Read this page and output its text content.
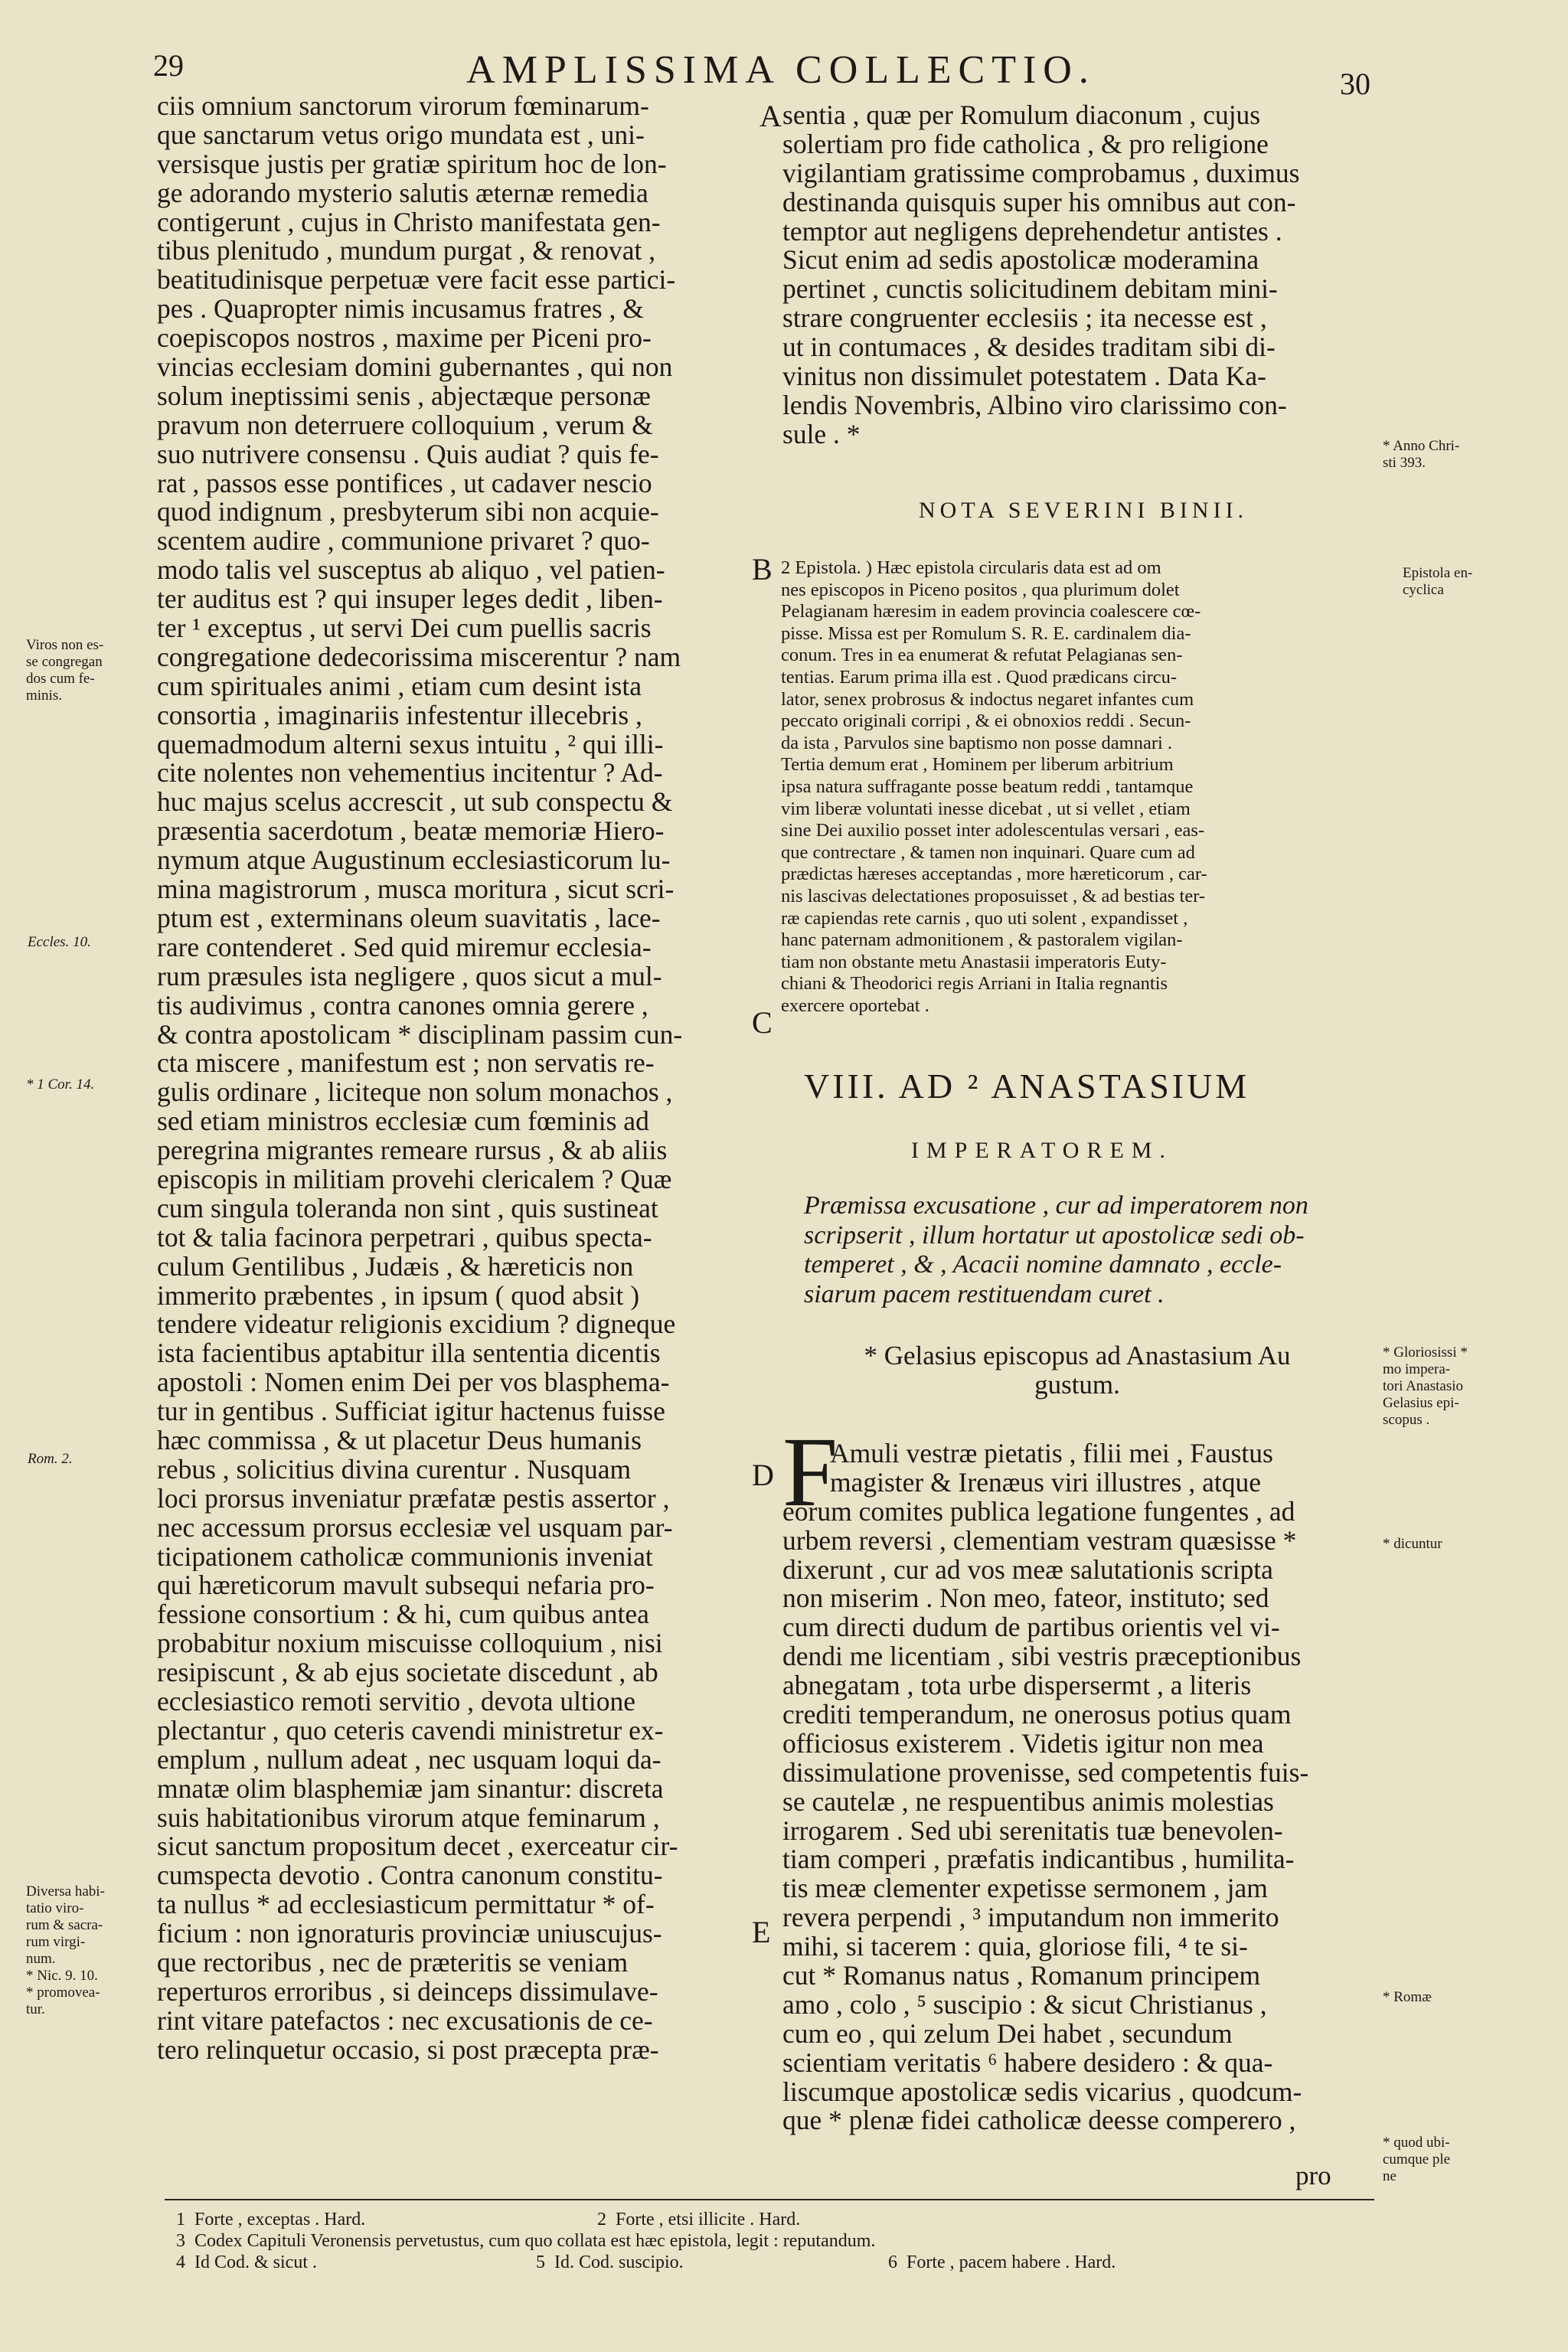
29	AMPLISSIMA COLLECTIO.	30
ciis omnium sanctorum virorum fœminarum-
que sanctarum vetus origo mundata est , uni-
versisque justis per gratiæ spiritum hoc de lon-
ge adorando mysterio salutis æternæ remedia
contigerunt , cujus in Christo manifestata gen-
tibus plenitudo , mundum purgat , & renovat ,
beatitudinisque perpetuæ vere facit esse partici-
pes . Quapropter nimis incusamus fratres , &
coepiscopos nostros , maxime per Piceni pro-
vincias ecclesiam domini gubernantes , qui non
solum ineptissimi senis , abjectæque personæ
pravum non deterruere colloquium , verum &
suo nutrivere consensu . Quis audiat ? quis fe-
rat , passos esse pontifices , ut cadaver nescio
quod indignum , presbyterum sibi non acquie-
scentem audire , communione privaret ? quo-
modo talis vel susceptus ab aliquo , vel patien-
ter auditus est ? qui insuper leges dedit , liben-
ter ¹ exceptus , ut servi Dei cum puellis sacris
congregatione dedecorissima miscerentur ? nam
cum spirituales animi , etiam cum desint ista
consortia , imaginariis infestentur illecebris ,
quemadmodum alterni sexus intuitu , ² qui illi-
cite nolentes non vehementius incitentur ? Ad-
huc majus scelus accrescit , ut sub conspectu &
præsentia sacerdotum , beatæ memoriæ Hiero-
nymum atque Augustinum ecclesiasticorum lu-
mina magistrorum , musca moritura , sicut scri-
ptum est , exterminans oleum suavitatis , lace-
rare contenderet . Sed quid miremur ecclesia-
rum præsules ista negligere , quos sicut a mul-
tis audivimus , contra canones omnia gerere ,
& contra apostolicam * disciplinam passim cun-
cta miscere , manifestum est ; non servatis re-
gulis ordinare , liciteque non solum monachos ,
sed etiam ministros ecclesiæ cum fœminis ad
peregrina migrantes remeare rursus , & ab aliis
episcopis in militiam provehi clericalem ? Quæ
cum singula toleranda non sint , quis sustineat
tot & talia facinora perpetrari , quibus specta-
culum Gentilibus , Judæis , & hæreticis non
immerito præbentes , in ipsum ( quod absit )
tendere videatur religionis excidium ? digneque
ista facientibus aptabitur illa sententia dicentis
apostoli : Nomen enim Dei per vos blasphema-
tur in gentibus . Sufficiat igitur hactenus fuisse
hæc commissa , & ut placetur Deus humanis
rebus , solicitius divina curentur . Nusquam
loci prorsus inveniatur præfatæ pestis assertor ,
nec accessum prorsus ecclesiæ vel usquam par-
ticipationem catholicæ communionis inveniat
qui hæreticorum mavult subsequi nefaria pro-
fessione consortium : & hi, cum quibus antea
probabitur noxium miscuisse colloquium , nisi
resipiscunt , & ab ejus societate discedunt , ab
ecclesiastico remoti servitio , devota ultione
plectantur , quo ceteris cavendi ministretur ex-
emplum , nullum adeat , nec usquam loqui da-
mnatæ olim blasphemiæ jam sinantur: discreta
suis habitationibus virorum atque feminarum ,
sicut sanctum propositum decet , exerceatur cir-
cumspecta devotio . Contra canonum constitu-
ta nullus * ad ecclesiasticum permittatur * of-
ficium : non ignoraturis provinciæ uniuscujus-
que rectoribus , nec de præteritis se veniam
reperturos erroribus , si deinceps dissimulave-
rint vitare patefactos : nec excusationis de ce-
tero relinquetur occasio, si post præcepta præ-
sentia , quæ per Romulum diaconum , cujus
solertiam pro fide catholica , & pro religione
vigilantiam gratissime comprobamus , duximus
destinanda quisquis super his omnibus aut con-
temptor aut negligens deprehendetur antistes .
Sicut enim ad sedis apostolicæ moderamina
pertinet , cunctis solicitudinem debitam mini-
strare congruenter ecclesiis ; ita necesse est ,
ut in contumaces , & desides traditam sibi di-
vinitus non dissimulet potestatem . Data Ka-
lendis Novembris, Albino viro clarissimo con-
sule . *
A
B
C
D
E
NOTA SEVERINI BINII.
2 Epistola. ) Hæc epistola circularis data est ad om
nes episcopos in Piceno positos , qua plurimum dolet
Pelagianam hæresim in eadem provincia coalescere cœ-
pisse. Missa est per Romulum S. R. E. cardinalem dia-
conum. Tres in ea enumerat & refutat Pelagianas sen-
tentias. Earum prima illa est . Quod prædicans circu-
lator, senex probrosus & indoctus negaret infantes cum
peccato originali corripi , & ei obnoxios reddi . Secun-
da ista , Parvulos sine baptismo non posse damnari .
Tertia demum erat , Hominem per liberum arbitrium
ipsa natura suffragante posse beatum reddi , tantamque
vim liberæ voluntati inesse dicebat , ut si vellet , etiam
sine Dei auxilio posset inter adolescentulas versari , eas-
que contrectare , & tamen non inquinari. Quare cum ad
prædictas hæreses acceptandas , more hæreticorum , car-
nis lascivas delectationes proposuisset , & ad bestias ter-
ræ capiendas rete carnis , quo uti solent , expandisset ,
hanc paternam admonitionem , & pastoralem vigilan-
tiam non obstante metu Anastasii imperatoris Euty-
chiani & Theodorici regis Arriani in Italia regnantis
exercere oportebat .
VIII. AD ² ANASTASIUM
IMPERATOREM.
Præmissa excusatione , cur ad imperatorem non
scripserit , illum hortatur ut apostolicæ sedi ob-
temperet , & , Acacii nomine damnato , eccle-
siarum pacem restituendam curet .
* Gelasius episcopus ad Anastasium Au
gustum.
F
Amuli vestræ pietatis , filii mei , Faustus
magister & Irenæus viri illustres , atque
eorum comites publica legatione fungentes , ad
urbem reversi , clementiam vestram quæsisse *
dixerunt , cur ad vos meæ salutationis scripta
non miserim . Non meo, fateor, instituto; sed
cum directi dudum de partibus orientis vel vi-
dendi me licentiam , sibi vestris præceptionibus
abnegatam , tota urbe dispersermt , a literis
crediti temperandum, ne onerosus potius quam
officiosus existerem . Videtis igitur non mea
dissimulatione provenisse, sed competentis fuis-
se cautelæ , ne respuentibus animis molestias
irrogarem . Sed ubi serenitatis tuæ benevolen-
tiam comperi , præfatis indicantibus , humilita-
tis meæ clementer expetisse sermonem , jam
revera perpendi , ³ imputandum non immerito
mihi, si tacerem : quia, gloriose fili, ⁴ te si-
cut * Romanus natus , Romanum principem
amo , colo , ⁵ suscipio : & sicut Christianus ,
cum eo , qui zelum Dei habet , secundum
scientiam veritatis ⁶ habere desidero : & qua-
liscumque apostolicæ sedis vicarius , quodcum-
que * plenæ fidei catholicæ deesse comperero ,
pro
Viros non es-
se congregan
dos cum fe-
minis.
Eccles. 10.
* 1 Cor. 14.
Rom. 2.
Diversa habi-
tatio viro-
rum & sacra-
rum virgi-
num.
* Nic. 9. 10.
* promovea-
tur.
* Anno Chri-
sti 393.
Epistola en-
cyclica
* Gloriosissi *
mo impera-
tori Anastasio
Gelasius epi-
scopus .
* dicuntur
* Romæ
* quod ubi-
cumque ple
ne
1 Forte , exceptas . Hard.	2 Forte , etsi illicite . Hard.
3 Codex Capituli Veronensis pervetustus, cum quo collata est hæc epistola, legit : reputandum.
4 Id Cod. & sicut .	5 Id. Cod. suscipio.	6 Forte , pacem habere . Hard.
